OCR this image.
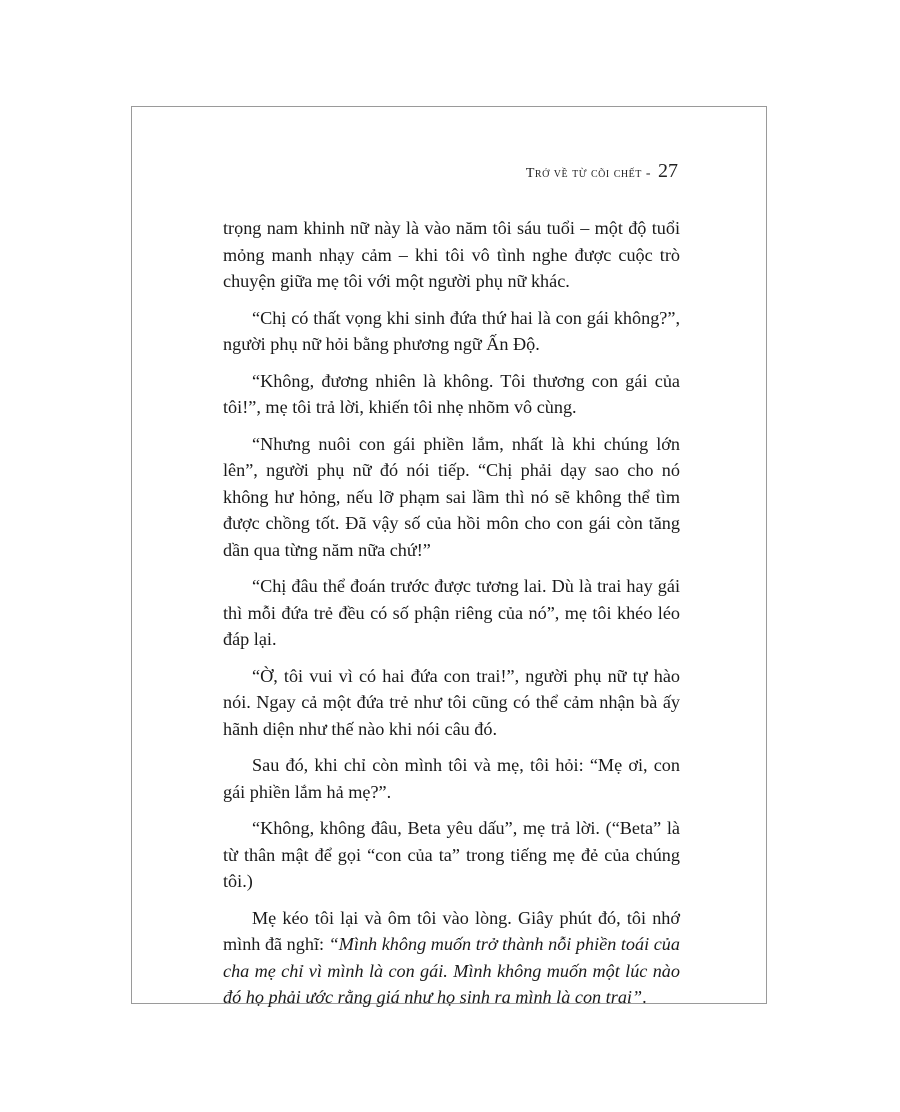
Trở về từ cõi chết - 27

trọng nam khinh nữ này là vào năm tôi sáu tuổi – một độ tuổi mỏng manh nhạy cảm – khi tôi vô tình nghe được cuộc trò chuyện giữa mẹ tôi với một người phụ nữ khác.

“Chị có thất vọng khi sinh đứa thứ hai là con gái không?”, người phụ nữ hỏi bằng phương ngữ Ấn Độ.

“Không, đương nhiên là không. Tôi thương con gái của tôi!”, mẹ tôi trả lời, khiến tôi nhẹ nhõm vô cùng.

“Nhưng nuôi con gái phiền lắm, nhất là khi chúng lớn lên”, người phụ nữ đó nói tiếp. “Chị phải dạy sao cho nó không hư hỏng, nếu lỡ phạm sai lầm thì nó sẽ không thể tìm được chồng tốt. Đã vậy số của hồi môn cho con gái còn tăng dần qua từng năm nữa chứ!”

“Chị đâu thể đoán trước được tương lai. Dù là trai hay gái thì mỗi đứa trẻ đều có số phận riêng của nó”, mẹ tôi khéo léo đáp lại.

“Ờ, tôi vui vì có hai đứa con trai!”, người phụ nữ tự hào nói. Ngay cả một đứa trẻ như tôi cũng có thể cảm nhận bà ấy hãnh diện như thế nào khi nói câu đó.

Sau đó, khi chỉ còn mình tôi và mẹ, tôi hỏi: “Mẹ ơi, con gái phiền lắm hả mẹ?”.

“Không, không đâu, Beta yêu dấu”, mẹ trả lời. (“Beta” là từ thân mật để gọi “con của ta” trong tiếng mẹ đẻ của chúng tôi.)

Mẹ kéo tôi lại và ôm tôi vào lòng. Giây phút đó, tôi nhớ mình đã nghĩ: “Mình không muốn trở thành nỗi phiền toái của cha mẹ chỉ vì mình là con gái. Mình không muốn một lúc nào đó họ phải ước rằng giá như họ sinh ra mình là con trai”.
